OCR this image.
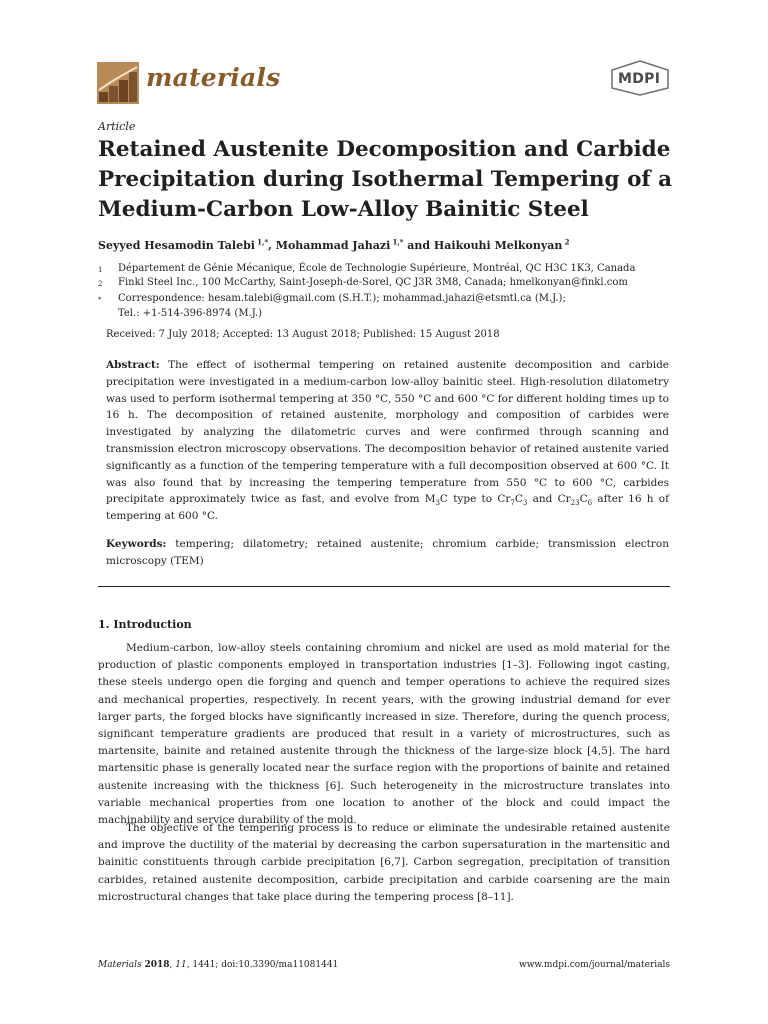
materials	MDPI
Article
Retained Austenite Decomposition and Carbide Precipitation during Isothermal Tempering of a Medium-Carbon Low-Alloy Bainitic Steel
Seyyed Hesamodin Talebi  $^{1,*}$, Mohammad Jahazi  $^{1,*}$ and Haikouhi Melkonyan  $^2$
1 Département de Génie Mécanique, École de Technologie Supérieure, Montréal, QC H3C 1K3, Canada
2 Finkl Steel Inc., 100 McCarthy, Saint-Joseph-de-Sorel, QC J3R 3M8, Canada; hmelkonyan@finkl.com
* Correspondence: hesam.talebi@gmail.com (S.H.T.); mohammad.jahazi@etsmtl.ca (M.J.);
Tel.: +1-514-396-8974 (M.J.)
Received: 7 July 2018; Accepted: 13 August 2018; Published: 15 August 2018

Abstract: The effect of isothermal tempering on retained austenite decomposition and carbide precipitation were investigated in a medium-carbon low-alloy bainitic steel. High-resolution dilatometry was used to perform isothermal tempering at 350 °C, 550 °C and 600 °C for different holding times up to 16 h. The decomposition of retained austenite, morphology and composition of carbides were investigated by analyzing the dilatometric curves and were confirmed through scanning and transmission electron microscopy observations. The decomposition behavior of retained austenite varied significantly as a function of the tempering temperature with a full decomposition observed at 600 °C. It was also found that by increasing the tempering temperature from 550 °C to 600 °C, carbides precipitate approximately twice as fast, and evolve from $M_3C$ type to $Cr_7C_3$ and $Cr_{23}C_6$ after 16 h of tempering at 600 °C.

Keywords: tempering; dilatometry; retained austenite; chromium carbide; transmission electron microscopy (TEM)

1. Introduction

Medium-carbon, low-alloy steels containing chromium and nickel are used as mold material for the production of plastic components employed in transportation industries [1–3]. Following ingot casting, these steels undergo open die forging and quench and temper operations to achieve the required sizes and mechanical properties, respectively. In recent years, with the growing industrial demand for ever larger parts, the forged blocks have significantly increased in size. Therefore, during the quench process, significant temperature gradients are produced that result in a variety of microstructures, such as martensite, bainite and retained austenite through the thickness of the large-size block [4,5]. The hard martensitic phase is generally located near the surface region with the proportions of bainite and retained austenite increasing with the thickness [6]. Such heterogeneity in the microstructure translates into variable mechanical properties from one location to another of the block and could impact the machinability and service durability of the mold.

The objective of the tempering process is to reduce or eliminate the undesirable retained austenite and improve the ductility of the material by decreasing the carbon supersaturation in the martensitic and bainitic constituents through carbide precipitation [6,7]. Carbon segregation, precipitation of transition carbides, retained austenite decomposition, carbide precipitation and carbide coarsening are the main microstructural changes that take place during the tempering process [8–11].

Materials 2018, 11, 1441; doi:10.3390/ma11081441	www.mdpi.com/journal/materials
